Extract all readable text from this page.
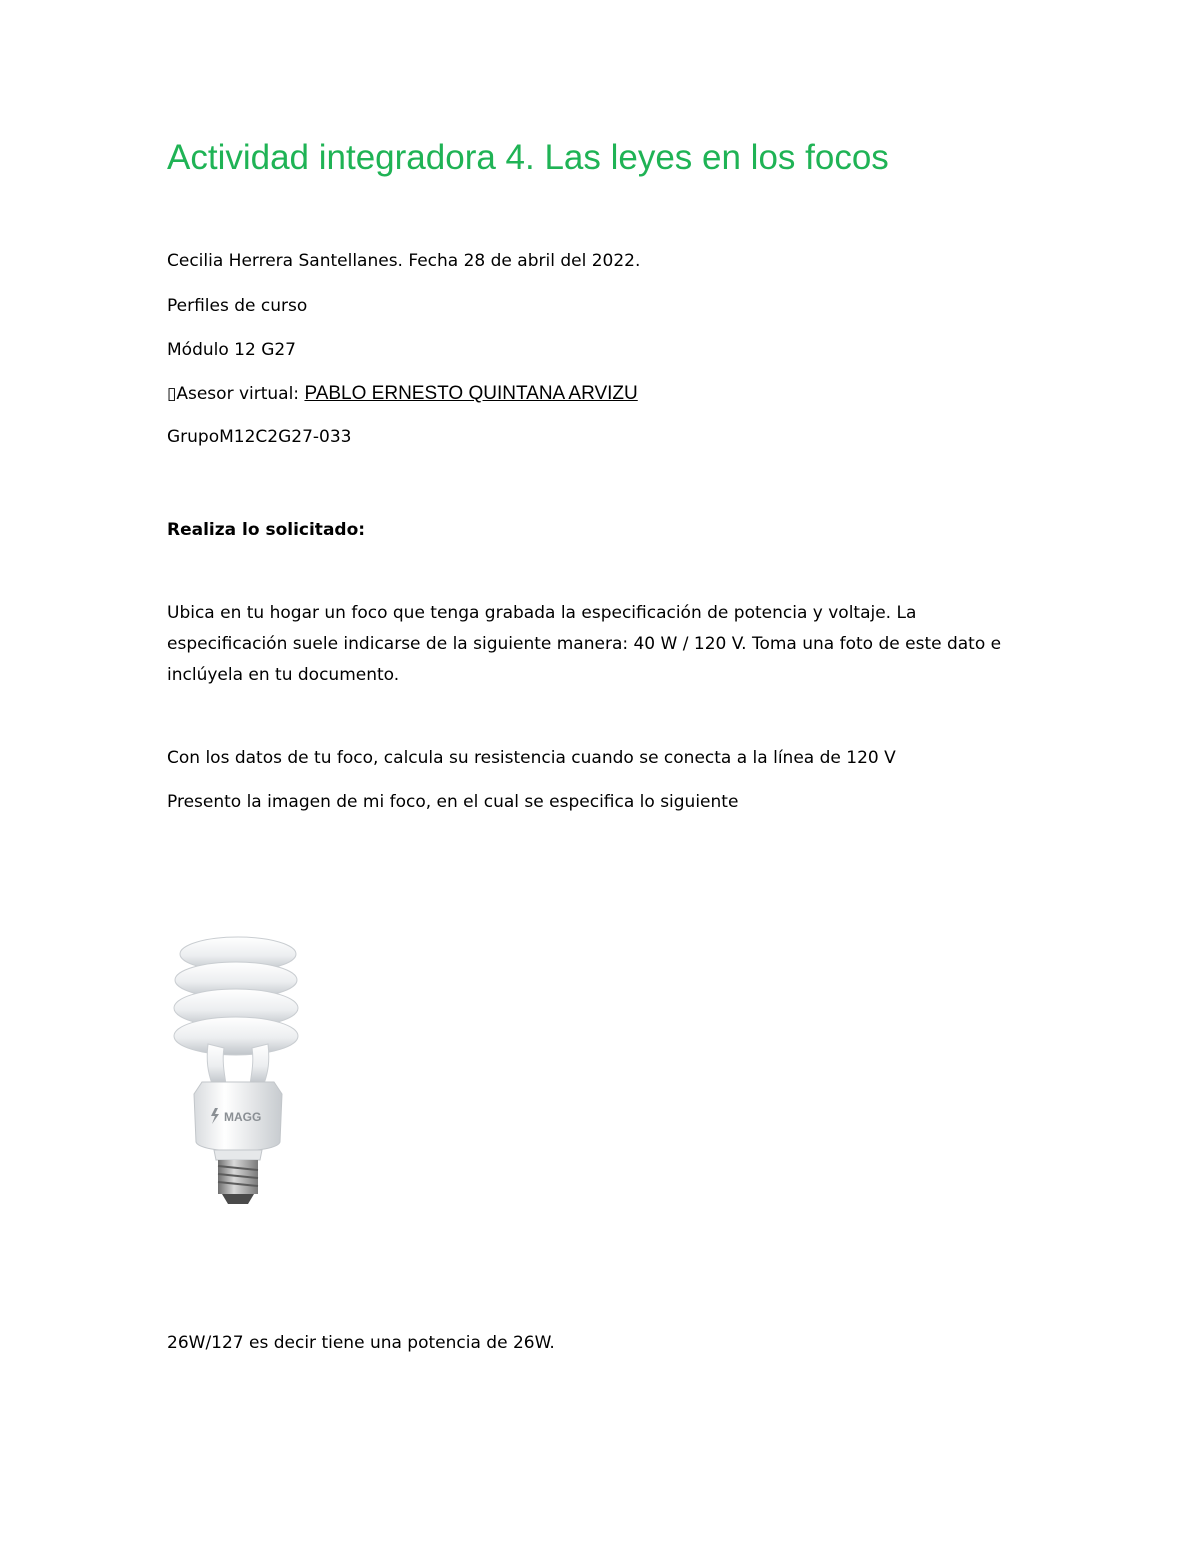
Actividad integradora 4. Las leyes en los focos
Cecilia Herrera Santellanes. Fecha 28 de abril del 2022.
Perfiles de curso
Módulo 12 G27
▯Asesor virtual: PABLO ERNESTO QUINTANA ARVIZU
GrupoM12C2G27-033
Realiza lo solicitado:
Ubica en tu hogar un foco que tenga grabada la especificación de potencia y voltaje. La especificación suele indicarse de la siguiente manera: 40 W / 120 V. Toma una foto de este dato e inclúyela en tu documento.
Con los datos de tu foco, calcula su resistencia cuando se conecta a la línea de 120 V
Presento la imagen de mi foco, en el cual se especifica lo siguiente
MAGG
26W/127 es decir tiene una potencia de 26W.
